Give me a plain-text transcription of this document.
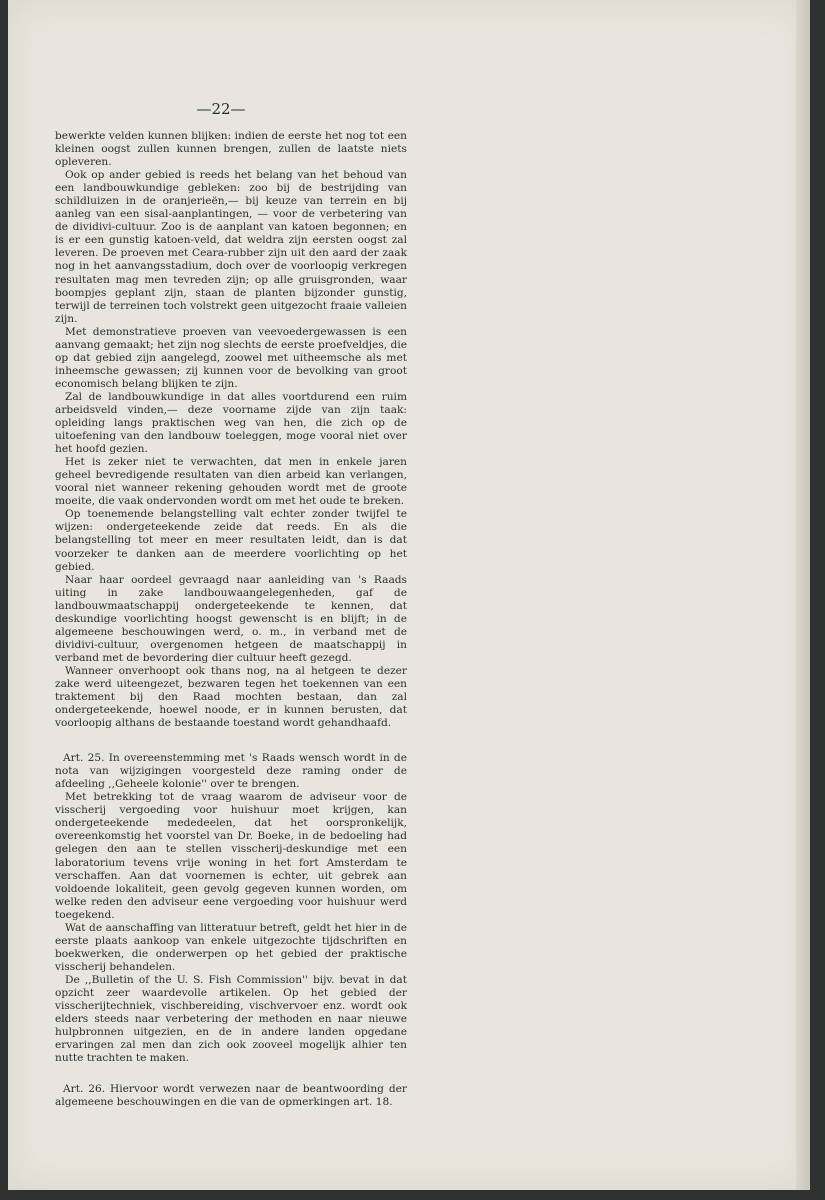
—22—

bewerkte velden kunnen blijken: indien de eerste het nog tot een kleinen oogst zullen kunnen brengen, zullen de laatste niets opleveren.

Ook op ander gebied is reeds het belang van het behoud van een landbouwkundige gebleken: zoo bij de bestrijding van schildluizen in de oranjerieën,— bij keuze van terrein en bij aanleg van een sisal-aanplantingen, — voor de verbetering van de dividivi-cultuur. Zoo is de aanplant van katoen begonnen; en is er een gunstig katoen-veld, dat weldra zijn eersten oogst zal leveren. De proeven met Ceara-rubber zijn uit den aard der zaak nog in het aanvangsstadium, doch over de voorloopig verkregen resultaten mag men tevreden zijn; op alle gruisgronden, waar boompjes geplant zijn, staan de planten bijzonder gunstig, terwijl de terreinen toch volstrekt geen uitgezocht fraaie valleien zijn.

Met demonstratieve proeven van veevoedergewassen is een aanvang gemaakt; het zijn nog slechts de eerste proefveldjes, die op dat gebied zijn aangelegd, zoowel met uitheemsche als met inheemsche gewassen; zij kunnen voor de bevolking van groot economisch belang blijken te zijn.

Zal de landbouwkundige in dat alles voortdurend een ruim arbeidsveld vinden,— deze voorname zijde van zijn taak: opleiding langs praktischen weg van hen, die zich op de uitoefening van den landbouw toeleggen, moge vooral niet over het hoofd gezien.

Het is zeker niet te verwachten, dat men in enkele jaren geheel bevredigende resultaten van dien arbeid kan verlangen, vooral niet wanneer rekening gehouden wordt met de groote moeite, die vaak ondervonden wordt om met het oude te breken.

Op toenemende belangstelling valt echter zonder twijfel te wijzen: ondergeteekende zeide dat reeds. En als die belangstelling tot meer en meer resultaten leidt, dan is dat voorzeker te danken aan de meerdere voorlichting op het gebied.

Naar haar oordeel gevraagd naar aanleiding van 's Raads uiting in zake landbouwaangelegenheden, gaf de landbouwmaatschappij ondergeteekende te kennen, dat deskundige voorlichting hoogst gewenscht is en blijft; in de algemeene beschouwingen werd, o. m., in verband met de dividivi-cultuur, overgenomen hetgeen de maatschappij in verband met de bevordering dier cultuur heeft gezegd.

Wanneer onverhoopt ook thans nog, na al hetgeen te dezer zake werd uiteengezet, bezwaren tegen het toekennen van een traktement bij den Raad mochten bestaan, dan zal ondergeteekende, hoewel noode, er in kunnen berusten, dat voorloopig althans de bestaande toestand wordt gehandhaafd.

Art. 25. In overeenstemming met 's Raads wensch wordt in de nota van wijzigingen voorgesteld deze raming onder de afdeeling ,,Geheele kolonie'' over te brengen.

Met betrekking tot de vraag waarom de adviseur voor de visscherij vergoeding voor huishuur moet krijgen, kan ondergeteekende mededeelen, dat het oorspronkelijk, overeenkomstig het voorstel van Dr. Boeke, in de bedoeling had gelegen den aan te stellen visscherij-deskundige met een laboratorium tevens vrije woning in het fort Amsterdam te verschaffen. Aan dat voornemen is echter, uit gebrek aan voldoende lokaliteit, geen gevolg gegeven kunnen worden, om welke reden den adviseur eene vergoeding voor huishuur werd toegekend.

Wat de aanschaffing van litteratuur betreft, geldt het hier in de eerste plaats aankoop van enkele uitgezochte tijdschriften en boekwerken, die onderwerpen op het gebied der praktische visscherij behandelen.

De ,,Bulletin of the U. S. Fish Commission'' bijv. bevat in dat opzicht zeer waardevolle artikelen. Op het gebied der visscherijtechniek, vischbereiding, vischvervoer enz. wordt ook elders steeds naar verbetering der methoden en naar nieuwe hulpbronnen uitgezien, en de in andere landen opgedane ervaringen zal men dan zich ook zooveel mogelijk alhier ten nutte trachten te maken.

Art. 26. Hiervoor wordt verwezen naar de beantwoording der algemeene beschouwingen en die van de opmerkingen art. 18.
